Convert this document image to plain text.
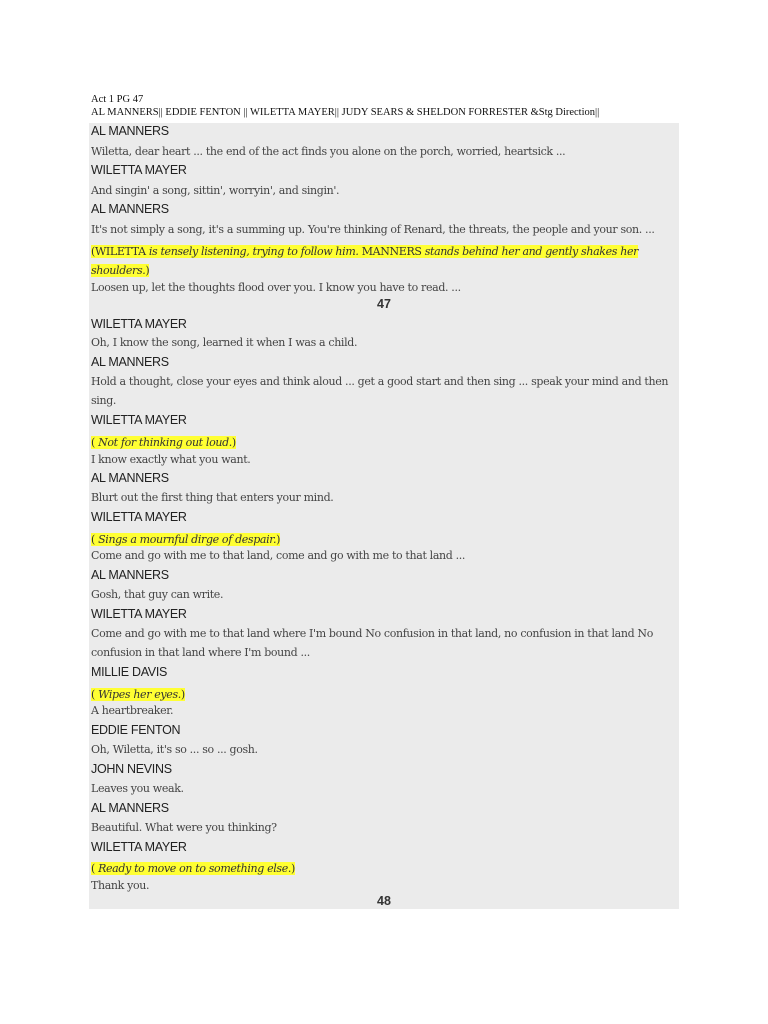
Act 1 PG 47
AL MANNERS|| EDDIE FENTON || WILETTA MAYER|| JUDY SEARS & SHELDON FORRESTER &Stg Direction||
AL MANNERS
Wiletta, dear heart ... the end of the act finds you alone on the porch, worried, heartsick ...
WILETTA MAYER
And singin' a song, sittin', worryin', and singin'.
AL MANNERS
It's not simply a song, it's a summing up. You're thinking of Renard, the threats, the people and your son. ...
(WILETTA is tensely listening, trying to follow him. MANNERS stands behind her and gently shakes her
shoulders.)
Loosen up, let the thoughts flood over you. I know you have to read. ...
47
WILETTA MAYER
Oh, I know the song, learned it when I was a child.
AL MANNERS
Hold a thought, close your eyes and think aloud ... get a good start and then sing ... speak your mind and then
sing.
WILETTA MAYER
( Not for thinking out loud.)
I know exactly what you want.
AL MANNERS
Blurt out the first thing that enters your mind.
WILETTA MAYER
( Sings a mournful dirge of despair.)
Come and go with me to that land, come and go with me to that land ...
AL MANNERS
Gosh, that guy can write.
WILETTA MAYER
Come and go with me to that land where I'm bound No confusion in that land, no confusion in that land No
confusion in that land where I'm bound ...
MILLIE DAVIS
( Wipes her eyes.)
A heartbreaker.
EDDIE FENTON
Oh, Wiletta, it's so ... so ... gosh.
JOHN NEVINS
Leaves you weak.
AL MANNERS
Beautiful. What were you thinking?
WILETTA MAYER
( Ready to move on to something else.)
Thank you.
48
